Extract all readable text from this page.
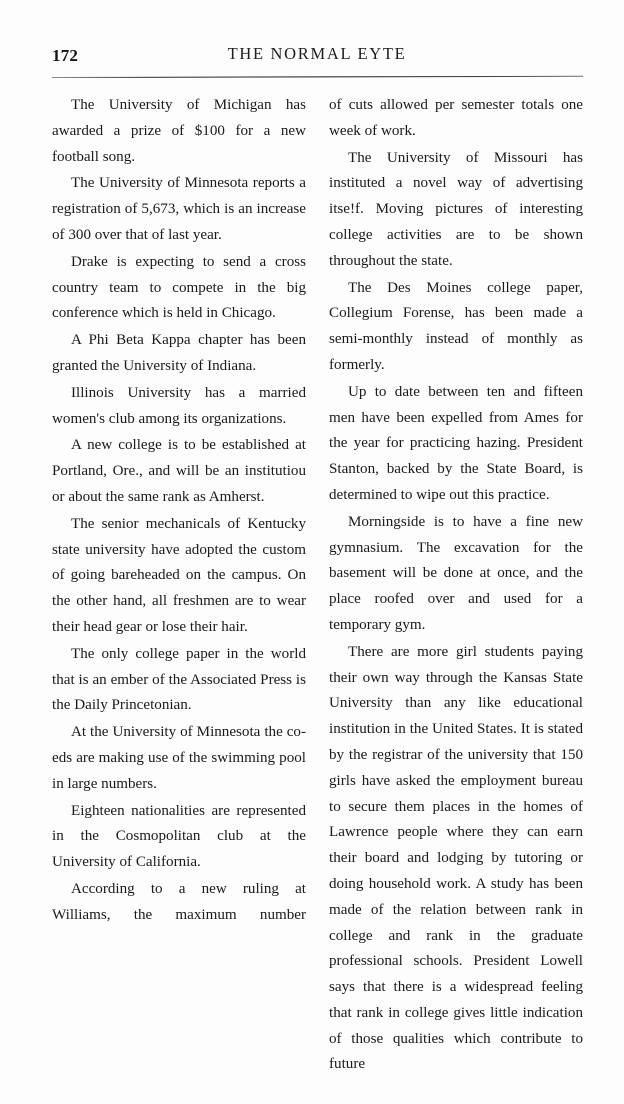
172	THE NORMAL EYTE

The University of Michigan has awarded a prize of $100 for a new football song.

The University of Minnesota reports a registration of 5,673, which is an increase of 300 over that of last year.

Drake is expecting to send a cross country team to compete in the big conference which is held in Chicago.

A Phi Beta Kappa chapter has been granted the University of Indiana.

Illinois University has a married women's club among its organizations.

A new college is to be established at Portland, Ore., and will be an institutiou or about the same rank as Amherst.

The senior mechanicals of Kentucky state university have adopted the custom of going bareheaded on the campus. On the other hand, all freshmen are to wear their head gear or lose their hair.

The only college paper in the world that is an ember of the Associated Press is the Daily Princetonian.

At the University of Minnesota the co-eds are making use of the swimming pool in large numbers.

Eighteen nationalities are represented in the Cosmopolitan club at the University of California.

According to a new ruling at Williams, the maximum number

of cuts allowed per semester totals one week of work.

The University of Missouri has instituted a novel way of advertising itse!f. Moving pictures of interesting college activities are to be shown throughout the state.

The Des Moines college paper, Collegium Forense, has been made a semi-monthly instead of monthly as formerly.

Up to date between ten and fifteen men have been expelled from Ames for the year for practicing hazing. President Stanton, backed by the State Board, is determined to wipe out this practice.

Morningside is to have a fine new gymnasium. The excavation for the basement will be done at once, and the place roofed over and used for a temporary gym.

There are more girl students paying their own way through the Kansas State University than any like educational institution in the United States. It is stated by the registrar of the university that 150 girls have asked the employment bureau to secure them places in the homes of Lawrence people where they can earn their board and lodging by tutoring or doing household work. A study has been made of the relation between rank in college and rank in the graduate professional schools. President Lowell says that there is a widespread feeling that rank in college gives little indication of those qualities which contribute to future
